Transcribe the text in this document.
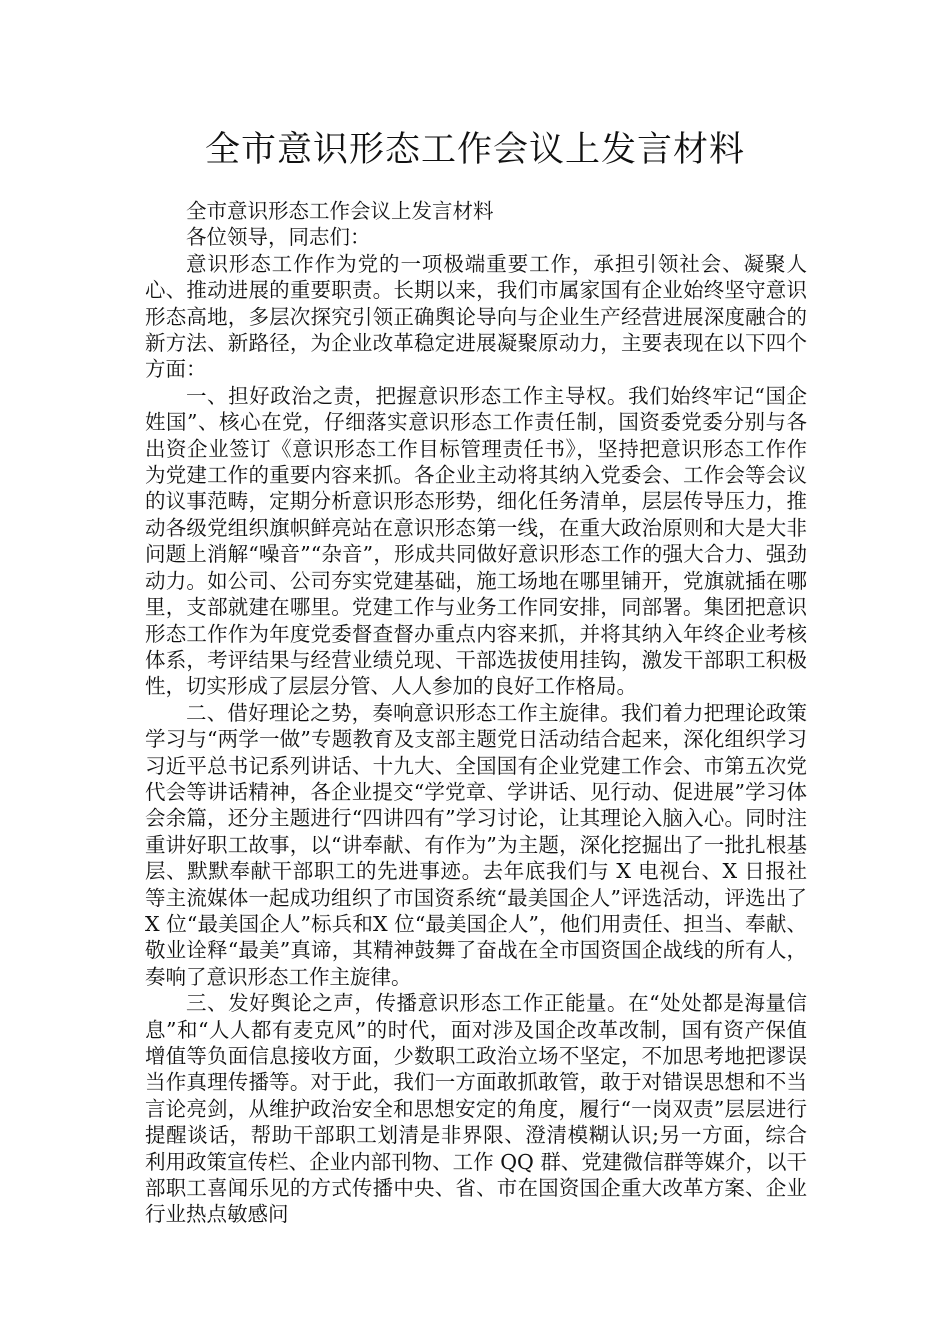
全市意识形态工作会议上发言材料

全市意识形态工作会议上发言材料

各位领导，同志们：

意识形态工作作为党的一项极端重要工作，承担引领社会、凝聚人心、推动进展的重要职责。长期以来，我们市属家国有企业始终坚守意识形态高地，多层次探究引领正确舆论导向与企业生产经营进展深度融合的新方法、新路径，为企业改革稳定进展凝聚原动力，主要表现在以下四个方面：

一、担好政治之责，把握意识形态工作主导权。我们始终牢记“国企姓国”、核心在党，仔细落实意识形态工作责任制，国资委党委分别与各出资企业签订《意识形态工作目标管理责任书》，坚持把意识形态工作作为党建工作的重要内容来抓。各企业主动将其纳入党委会、工作会等会议的议事范畴，定期分析意识形态形势，细化任务清单，层层传导压力，推动各级党组织旗帜鲜亮站在意识形态第一线，在重大政治原则和大是大非问题上消解“噪音”“杂音”，形成共同做好意识形态工作的强大合力、强劲动力。如公司、公司夯实党建基础，施工场地在哪里铺开，党旗就插在哪里，支部就建在哪里。党建工作与业务工作同安排，同部署。集团把意识形态工作作为年度党委督查督办重点内容来抓，并将其纳入年终企业考核体系，考评结果与经营业绩兑现、干部选拔使用挂钩，激发干部职工积极性，切实形成了层层分管、人人参加的良好工作格局。

二、借好理论之势，奏响意识形态工作主旋律。我们着力把理论政策学习与“两学一做”专题教育及支部主题党日活动结合起来，深化组织学习习近平总书记系列讲话、十九大、全国国有企业党建工作会、市第五次党代会等讲话精神，各企业提交“学党章、学讲话、见行动、促进展”学习体会余篇，还分主题进行“四讲四有”学习讨论，让其理论入脑入心。同时注重讲好职工故事，以“讲奉献、有作为”为主题，深化挖掘出了一批扎根基层、默默奉献干部职工的先进事迹。去年底我们与 X 电视台、X 日报社等主流媒体一起成功组织了市国资系统“最美国企人”评选活动，评选出了 X 位“最美国企人”标兵和X 位“最美国企人”，他们用责任、担当、奉献、敬业诠释“最美”真谛，其精神鼓舞了奋战在全市国资国企战线的所有人，奏响了意识形态工作主旋律。

三、发好舆论之声，传播意识形态工作正能量。在“处处都是海量信息”和“人人都有麦克风”的时代，面对涉及国企改革改制，国有资产保值增值等负面信息接收方面，少数职工政治立场不坚定，不加思考地把谬误当作真理传播等。对于此，我们一方面敢抓敢管，敢于对错误思想和不当言论亮剑，从维护政治安全和思想安定的角度，履行“一岗双责”层层进行提醒谈话，帮助干部职工划清是非界限、澄清模糊认识;另一方面，综合利用政策宣传栏、企业内部刊物、工作 QQ 群、党建微信群等媒介，以干部职工喜闻乐见的方式传播中央、省、市在国资国企重大改革方案、企业行业热点敏感问
